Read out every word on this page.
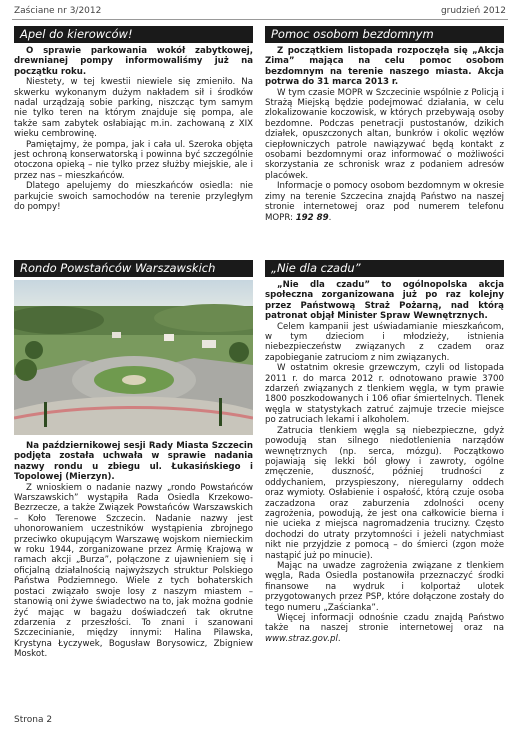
Zaściane nr 3/2012	grudzień 2012
Apel do kierowców!

O sprawie parkowania wokół zabytkowej, drewnianej pompy informowaliśmy już na początku roku.

Niestety, w tej kwestii niewiele się zmieniło. Na skwerku wykonanym dużym nakładem sił i środków nadal urządzają sobie parking, niszcząc tym samym nie tylko teren na którym znajduje się pompa, ale także sam zabytek osłabiając m.in. zachowaną z XIX wieku cembrowinę.

Pamiętajmy, że pompa, jak i cała ul. Szeroka objęta jest ochroną konserwatorską i powinna być szczególnie otoczona opieką – nie tylko przez służby miejskie, ale i przez nas – mieszkańców.

Dlatego apelujemy do mieszkańców osiedla: nie parkujcie swoich samochodów na terenie przyległym do pompy!

Rondo Powstańców Warszawskich

Na październikowej sesji Rady Miasta Szczecin podjęta została uchwała w sprawie nadania nazwy rondu u zbiegu ul. Łukasińskiego i Topolowej (Mierzyn).

Z wnioskiem o nadanie nazwy „rondo Powstańców Warszawskich” wystąpiła Rada Osiedla Krzekowo-Bezrzecze, a także Związek Powstańców Warszawskich – Koło Terenowe Szczecin. Nadanie nazwy jest uhonorowaniem uczestników wystąpienia zbrojnego przeciwko okupującym Warszawę wojskom niemieckim w roku 1944, zorganizowane przez Armię Krajową w ramach akcji „Burza”, połączone z ujawnieniem się i oficjalną działalnością najwyższych struktur Polskiego Państwa Podziemnego. Wiele z tych bohaterskich postaci związało swoje losy z naszym miastem – stanowią oni żywe świadectwo na to, jak można godnie żyć mając w bagażu doświadczeń tak okrutne zdarzenia z przeszłości. To znani i szanowani Szczecinianie, między innymi: Halina Pilawska, Krystyna Łyczywek, Bogusław Borysowicz, Zbigniew Moskot.

Pomoc osobom bezdomnym

Z początkiem listopada rozpoczęła się „Akcja Zima” mająca na celu pomoc osobom bezdomnym na terenie naszego miasta. Akcja potrwa do 31 marca 2013 r.

W tym czasie MOPR w Szczecinie wspólnie z Policją i Strażą Miejską będzie podejmować działania, w celu zlokalizowanie koczowisk, w których przebywają osoby bezdomne. Podczas penetracji pustostanów, dzikich działek, opuszczonych altan, bunkrów i okolic węzłów ciepłowniczych patrole nawiązywać będą kontakt z osobami bezdomnymi oraz informować o możliwości skorzystania ze schronisk wraz z podaniem adresów placówek.

Informacje o pomocy osobom bezdomnym w okresie zimy na terenie Szczecina znajdą Państwo na naszej stronie internetowej oraz pod numerem telefonu MOPR: 192 89.

„Nie dla czadu”

„Nie dla czadu” to ogólnopolska akcja społeczna zorganizowana już po raz kolejny przez Państwową Straż Pożarną, nad którą patronat objął Minister Spraw Wewnętrznych.

Celem kampanii jest uświadamianie mieszkańcom, w tym dzieciom i młodzieży, istnienia niebezpieczeństw związanych z czadem oraz zapobieganie zatruciom z nim związanych.

W ostatnim okresie grzewczym, czyli od listopada 2011 r. do marca 2012 r. odnotowano prawie 3700 zdarzeń związanych z tlenkiem węgla, w tym prawie 1800 poszkodowanych i 106 ofiar śmiertelnych. Tlenek węgla w statystykach zatruć zajmuje trzecie miejsce po zatruciach lekami i alkoholem.

Zatrucia tlenkiem węgla są niebezpieczne, gdyż powodują stan silnego niedotlenienia narządów wewnętrznych (np. serca, mózgu). Początkowo pojawiają się lekki ból głowy i zawroty, ogólne zmęczenie, duszność, później trudności z oddychaniem, przyspieszony, nieregularny oddech oraz wymioty. Osłabienie i ospałość, którą czuje osoba zaczadzona oraz zaburzenia zdolności oceny zagrożenia, powodują, że jest ona całkowicie bierna i nie ucieka z miejsca nagromadzenia trucizny. Często dochodzi do utraty przytomności i jeżeli natychmiast nikt nie przyjdzie z pomocą – do śmierci (zgon może nastąpić już po minucie).

Mając na uwadze zagrożenia związane z tlenkiem węgla, Rada Osiedla postanowiła przeznaczyć środki finansowe na wydruk i kolportaż ulotek przygotowanych przez PSP, które dołączone zostały do tego numeru „Zaścianka”.

Więcej informacji odnośnie czadu znajdą Państwo także na naszej stronie internetowej oraz na www.straz.gov.pl.

Strona 2
